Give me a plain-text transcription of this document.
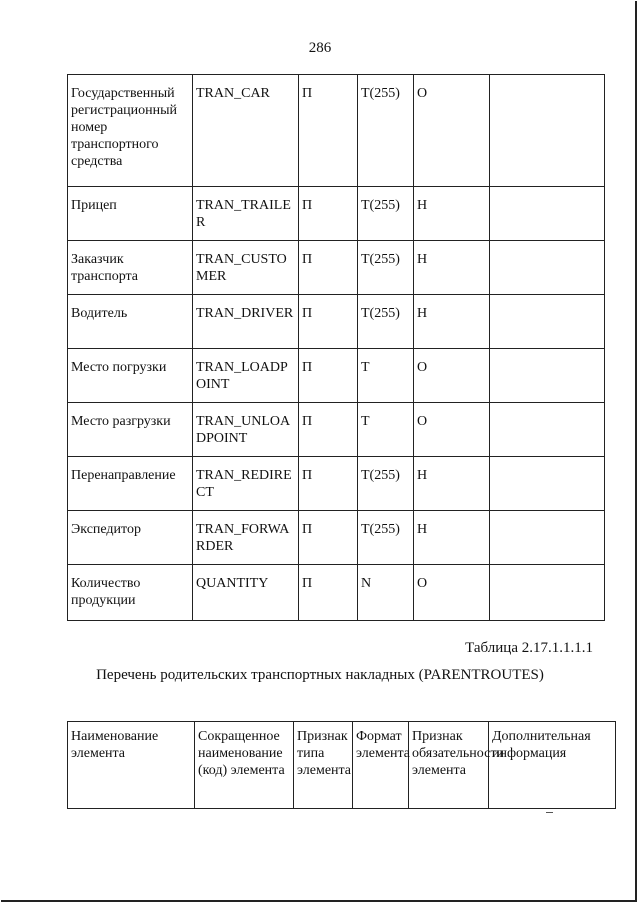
286
Государственный регистрационный номер транспортного средства	TRAN_CAR	П	T(255)	О	
Прицеп	TRAN_TRAILER	П	T(255)	Н	
Заказчик транспорта	TRAN_CUSTOMER	П	T(255)	Н	
Водитель	TRAN_DRIVER	П	T(255)	Н	
Место погрузки	TRAN_LOADPOINT	П	T	О	
Место разгрузки	TRAN_UNLOADPOINT	П	T	О	
Перенаправление	TRAN_REDIRECT	П	T(255)	Н	
Экспедитор	TRAN_FORWARDER	П	T(255)	Н	
Количество продукции	QUANTITY	П	N	О	
Таблица 2.17.1.1.1.1
Перечень родительских транспортных накладных (PARENTROUTES)
Наименование элемента	Сокращенное наименование (код) элемента	Признак типа элемента	Формат элемента	Признак обязательности элемента	Дополнительная информация
